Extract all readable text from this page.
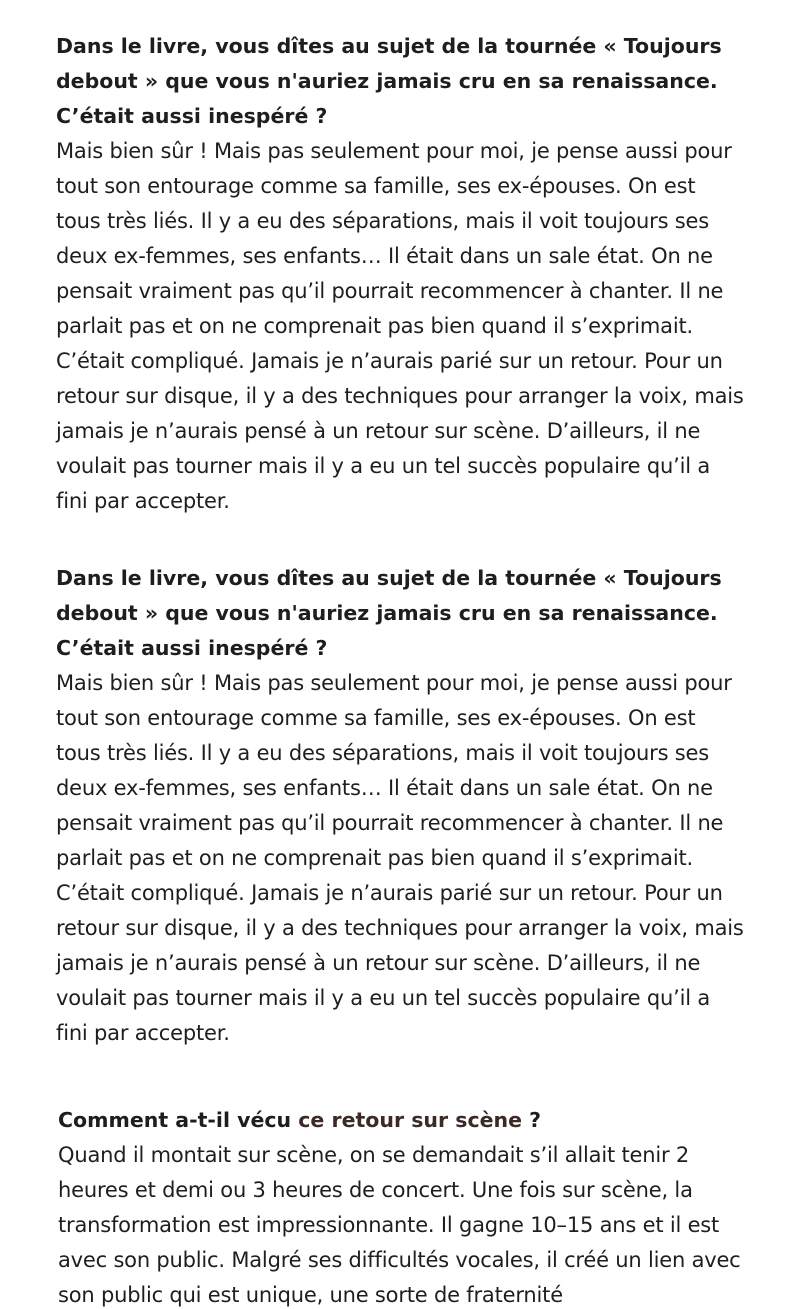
Dans le livre, vous dîtes au sujet de la tournée « Toujours debout » que vous n'auriez jamais cru en sa renaissance. C’était aussi inespéré ?

Mais bien sûr ! Mais pas seulement pour moi, je pense aussi pour tout son entourage comme sa famille, ses ex-épouses. On est tous très liés. Il y a eu des séparations, mais il voit toujours ses deux ex-femmes, ses enfants… Il était dans un sale état. On ne pensait vraiment pas qu’il pourrait recommencer à chanter. Il ne parlait pas et on ne comprenait pas bien quand il s’exprimait. C’était compliqué. Jamais je n’aurais parié sur un retour. Pour un retour sur disque, il y a des techniques pour arranger la voix, mais jamais je n’aurais pensé à un retour sur scène. D’ailleurs, il ne voulait pas tourner mais il y a eu un tel succès populaire qu’il a fini par accepter.

Dans le livre, vous dîtes au sujet de la tournée « Toujours debout » que vous n'auriez jamais cru en sa renaissance. C’était aussi inespéré ?

Mais bien sûr ! Mais pas seulement pour moi, je pense aussi pour tout son entourage comme sa famille, ses ex-épouses. On est tous très liés. Il y a eu des séparations, mais il voit toujours ses deux ex-femmes, ses enfants… Il était dans un sale état. On ne pensait vraiment pas qu’il pourrait recommencer à chanter. Il ne parlait pas et on ne comprenait pas bien quand il s’exprimait. C’était compliqué. Jamais je n’aurais parié sur un retour. Pour un retour sur disque, il y a des techniques pour arranger la voix, mais jamais je n’aurais pensé à un retour sur scène. D’ailleurs, il ne voulait pas tourner mais il y a eu un tel succès populaire qu’il a fini par accepter.

Comment a-t-il vécu ce retour sur scène ?

Quand il montait sur scène, on se demandait s’il allait tenir 2 heures et demi ou 3 heures de concert. Une fois sur scène, la transformation est impressionnante. Il gagne 10–15 ans et il est avec son public. Malgré ses difficultés vocales, il créé un lien avec son public qui est unique, une sorte de fraternité
